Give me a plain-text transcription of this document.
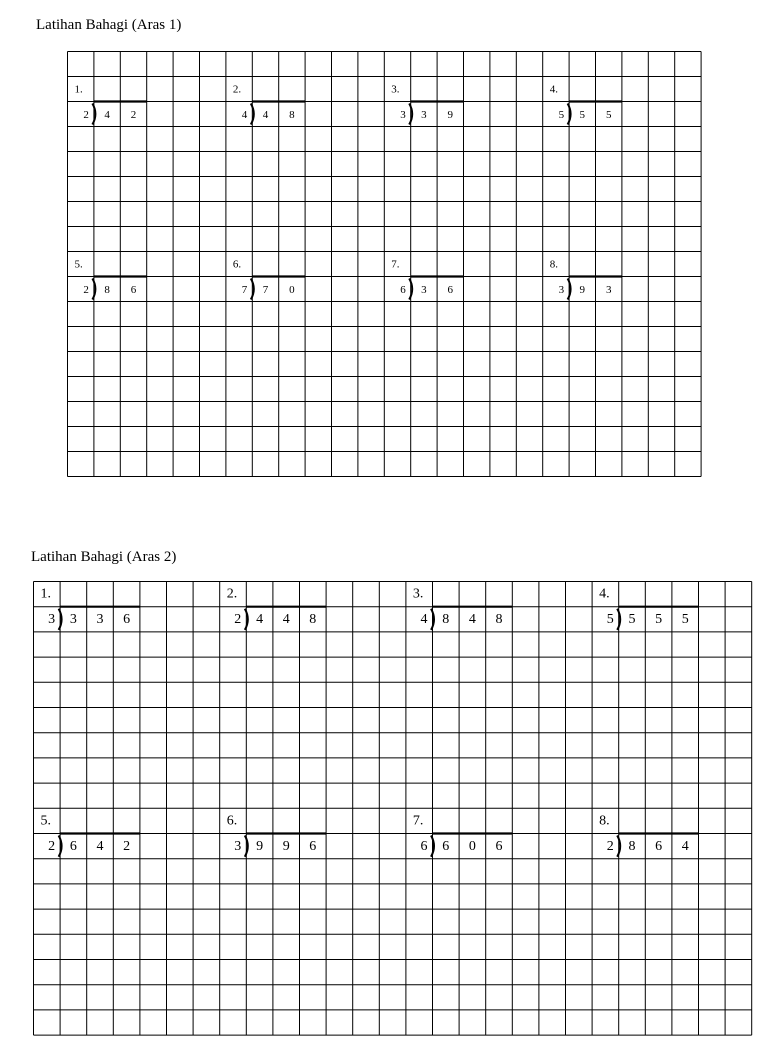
Latihan Bahagi (Aras 1)
1.
2 4 2
2.
4 4 8
3.
3 3 9
4.
5 5 5
5.
2 8 6
6.
7 7 0
7.
6 3 6
8.
3 9 3
Latihan Bahagi (Aras 2)
1.
3 3 3 6
2.
2 4 4 8
3.
4 8 4 8
4.
5 5 5 5
5.
2 6 4 2
6.
3 9 9 6
7.
6 6 0 6
8.
2 8 6 4
